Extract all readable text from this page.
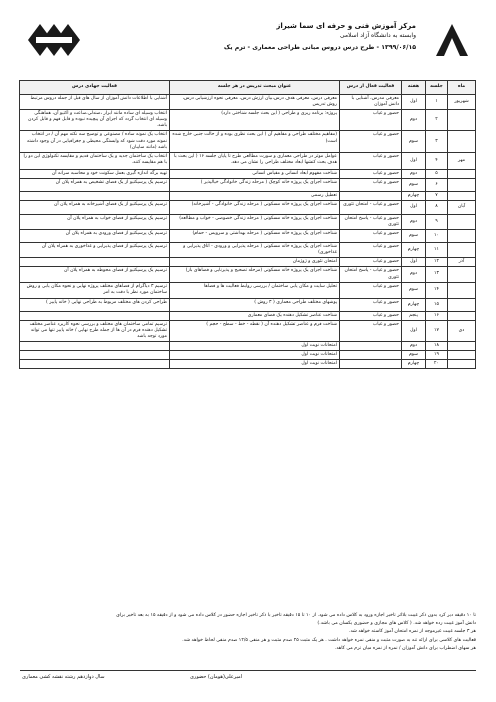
مرکز آموزش فنی و حرفه ای سما شیراز
وابسته به دانشگاه آزاد اسلامی
۱۳۹۹/۰۶/۱۵ - طرح درس دروس مبانی طراحی معماری - ترم یک
ماه	جلسه	هفته	فعالیت فعال از درس	عنوان مبحث تدریس در هر جلسه	فعالیت جهادی درس
شهریور	۱	اول	معرفی مدرس، آشنایی با دانش آموزان	معرفی درس، معرفی هدف درس،بیان ارزش درس، معرفی نحوه ارزشیابی درس، روش تدریس	آشنایی با اطلاعات دانش آموزان از سال های قبل از جمله دروس مرتبط
	۲	دوم	حضور و غیاب	پروژه: برنامه ریزی و طراحی ( این بحث جلسه شناختی دارد)	انتخاب وسیله ای ساده مانند ابزار ،صندلی،ساعت و اکتیو آن، هماهنگی وسیله ای انتخاب گردد که اجزای آن پیچیده نبوده و قابل فهم و قابل کردن باشد.
	۳	سوم	حضور و غیاب	(مفاهیم مختلف طراحی و مفاهیم آن ( این بحث نظری بوده و از حالت جنبی خارج شده است)	انتخاب یک نمونه ساده / مصنوعی و توضیح سه نکته مهم آن / در انتخاب نمونه مورد دقت شود که وابستگی محیطی و جغرافیایی در آن وجود داشته باشد (مانند سایبان)
مهر	۴	اول	حضور و غیاب	عوامل موثر در طراحی معماری و سورت مطالعی طرح تا پایان جلسه ۱۶ ( این بحث با هدف بحث کنشها ابعاد مختلف طراحی را نشان می دهد.	انتخاب یک ساختمان جدید و یک ساختمان قدیم و مقایسه تکنولوژی این دو را با هم مقایسه کنند.
	۵	دوم	حضور و غیاب	شناخت مفهوم ابعاد انسانی و مقیاس انسانی	تهیه برگه اندازه گیری بعمل سکونت خود و محاسبه سرانه آن
	۶	سوم	حضور و غیاب	شناخت اجزای یک پروژه خانه کوچک ( مرحله زندگی خانوادگی خیالپذیر )	ترسیم یک پرسپکتیو از یک فضای تشخیص به همراه پلان آن
	۷	چهارم		تعطیل رسمی	
آبان	۸	اول	حضور و غیاب - امتحان تئوری	شناخت اجزای یک پروژه خانه مسکونی ( مرحله زندگی خانوادگی - آشپزخانه)	ترسیم یک پرسپکتیو از یک فضای آشپزخانه به همراه پلان آن
	۹	دوم	حضور و غیاب - پاسخ امتحان تئوری	شناخت اجزای یک پروژه خانه مسکونی ( مرحله زندگی خصوصی - خواب و مطالعه)	ترسیم یک پرسپکتیو از فضای خواب به همراه پلان آن
	۱۰	سوم	حضور و غیاب	شناخت اجزای یک پروژه خانه مسکونی ( مرحله بهداشتی و سرویس - حمام)	ترسیم یک پرسپکتیو از فضای ورودی به همراه پلان آن
	۱۱	چهارم	حضور و غیاب	شناخت اجزای یک پروژه خانه مسکونی ( مرحله پذیرایی و ورودی - اتاق پذیرایی و غذاخوری)	ترسیم یک پرسپکتیو از فضای پذیرایی و غذاخوری به همراه پلان آن
آذر	۱۲	اول	حضور و غیاب	امتحان تئوری و ژوژمان	
	۱۳	دوم	حضور و غیاب - پاسخ امتحان تئوری	شناخت اجزای یک پروژه خانه مسکونی (مرحله تصحیح و پذیرنایی و فضاهای باز)	ترسیم یک پرسپکتیو از فضای محوطه به همراه پلان آن
	۱۴	سوم	حضور و غیاب	تحلیل سایت و مکان یابی ساختمان / بررسی روابط فعالیت ها و فضاها	ترسیم ۳ دیاگرام از فضاهای مختلف پروژه نهایی و نحوه مکان یابی و روش ساختمان مورد نظر با دقت به امر
	۱۵	چهارم	حضور و غیاب	پوشهای مختلف طراحی معماری ( ۳ روش )	طراحی کردن های مختلف مربوط به طراحی نهایی ( خانه پاییز )
	۱۶	پنجم	حضور و غیاب	شناخت عناصر تشکیل دهنده یک فضای معماری	
دی	۱۷	اول	حضور و غیاب	شناخت فرم و عناصر تشکیل دهنده آن ( نقطه - خط - سطح - حجم )	ترسیم تمامی ساختمان های مختلف و بررسی نحوه کاربرد عناصر مختلف تشکیل دهنده فرم در آن ها از جمله طرح نهایی / خانه پاییز تنها می تواند مورد توجه باشد
	۱۸	دوم		امتحانات نوبت اول	
	۱۹	سوم		امتحانات نوبت اول	
	۲۰	چهارم		امتحانات نوبت اول	

تا ۱۰ دقیقه دیر کرد بدون ذکر غیبت بلااثر تاخیر اجازه ورود به کلاس داده می شود. از ۱۰ تا ۱۵ دقیقه تاخیر با ذکر تاخیر اجازه حضور در کلاس داده می شود و از دقیقه ۱۵ به بعد تاخیر برای

دانش آموز غیبت رده خواهد شد. ( کلاس های مجازی و حضوری یکسان می باشد.)

هر ۳ جلسه غیبت غیرموجه از نمره امتحان آموز کاسته خواهد شد.

فعالیت های کلاسی برای ارائه تنه به صورت مثبت و منفی نمره خواهد داشت . هر یک مثبت ۲۵ صدم مثبت و هر منفی ۱۲/۵ صدم منفی لحاظ خواهد شد.

هر سهای اضطراب برای دانش آموزان / نمره از نمره میان ترم می کاهد.

سال دوازدهم رشته نقشه کشی معماری	امیرعلی(هومان) حضوری
